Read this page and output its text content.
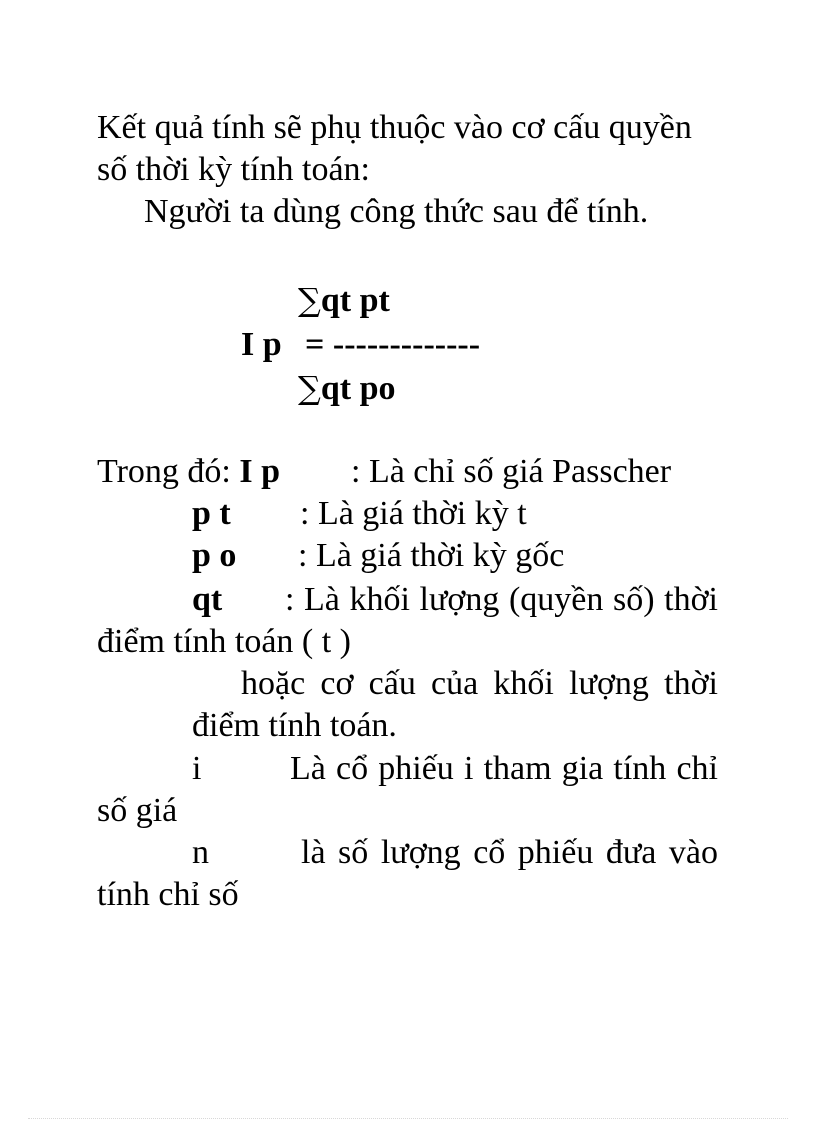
Kết quả tính sẽ phụ thuộc vào cơ cấu quyền
số thời kỳ tính toán:
Người ta dùng công thức sau để tính.
∑qt pt
I p = -------------
∑qt po
Trong đó: I p : Là chỉ số giá Passcher
p t : Là giá thời kỳ t
p o : Là giá thời kỳ gốc
qt : Là khối lượng (quyền số) thời
điểm tính toán ( t )
hoặc cơ cấu của khối lượng thời
điểm tính toán.
i	Là cổ phiếu i tham gia tính chỉ
số giá
n	là số lượng cổ phiếu đưa vào
tính chỉ số
